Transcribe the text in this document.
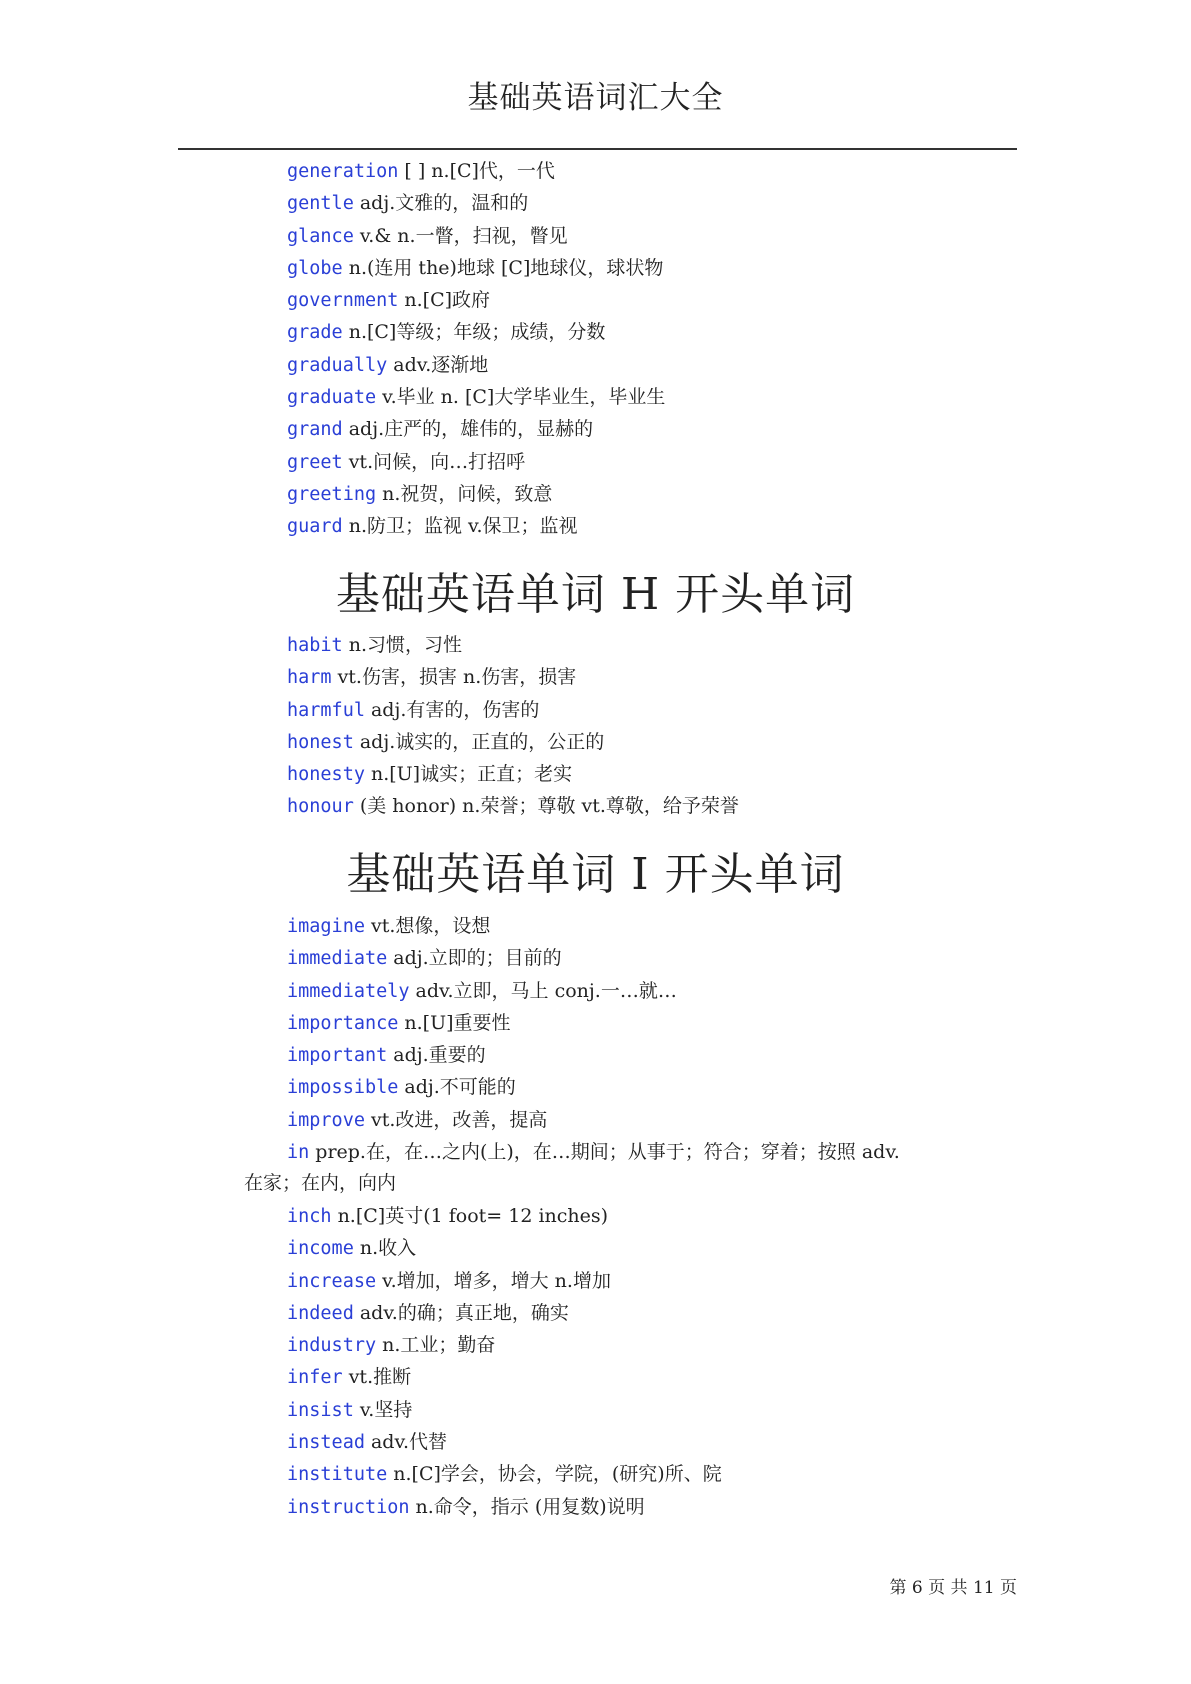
基础英语词汇大全
generation [ ] n.[C]代，一代
gentle adj.文雅的，温和的
glance v.& n.一瞥，扫视，瞥见
globe n.(连用 the)地球 [C]地球仪，球状物
government n.[C]政府
grade n.[C]等级；年级；成绩，分数
gradually adv.逐渐地
graduate v.毕业 n. [C]大学毕业生，毕业生
grand adj.庄严的，雄伟的，显赫的
greet vt.问候，向…打招呼
greeting n.祝贺，问候，致意
guard n.防卫；监视 v.保卫；监视
基础英语单词 H 开头单词
habit n.习惯，习性
harm vt.伤害，损害 n.伤害，损害
harmful adj.有害的，伤害的
honest adj.诚实的，正直的，公正的
honesty n.[U]诚实；正直；老实
honour (美 honor) n.荣誉；尊敬 vt.尊敬，给予荣誉
基础英语单词 I 开头单词
imagine vt.想像，设想
immediate adj.立即的；目前的
immediately adv.立即，马上 conj.一…就…
importance n.[U]重要性
important adj.重要的
impossible adj.不可能的
improve vt.改进，改善，提高
in prep.在，在…之内(上)，在…期间；从事于；符合；穿着；按照 adv.
在家；在内，向内
inch n.[C]英寸(1 foot= 12 inches)
income n.收入
increase v.增加，增多，增大 n.增加
indeed adv.的确；真正地，确实
industry n.工业；勤奋
infer vt.推断
insist v.坚持
instead adv.代替
institute n.[C]学会，协会，学院，(研究)所、院
instruction n.命令，指示 (用复数)说明
第 6 页 共 11 页
